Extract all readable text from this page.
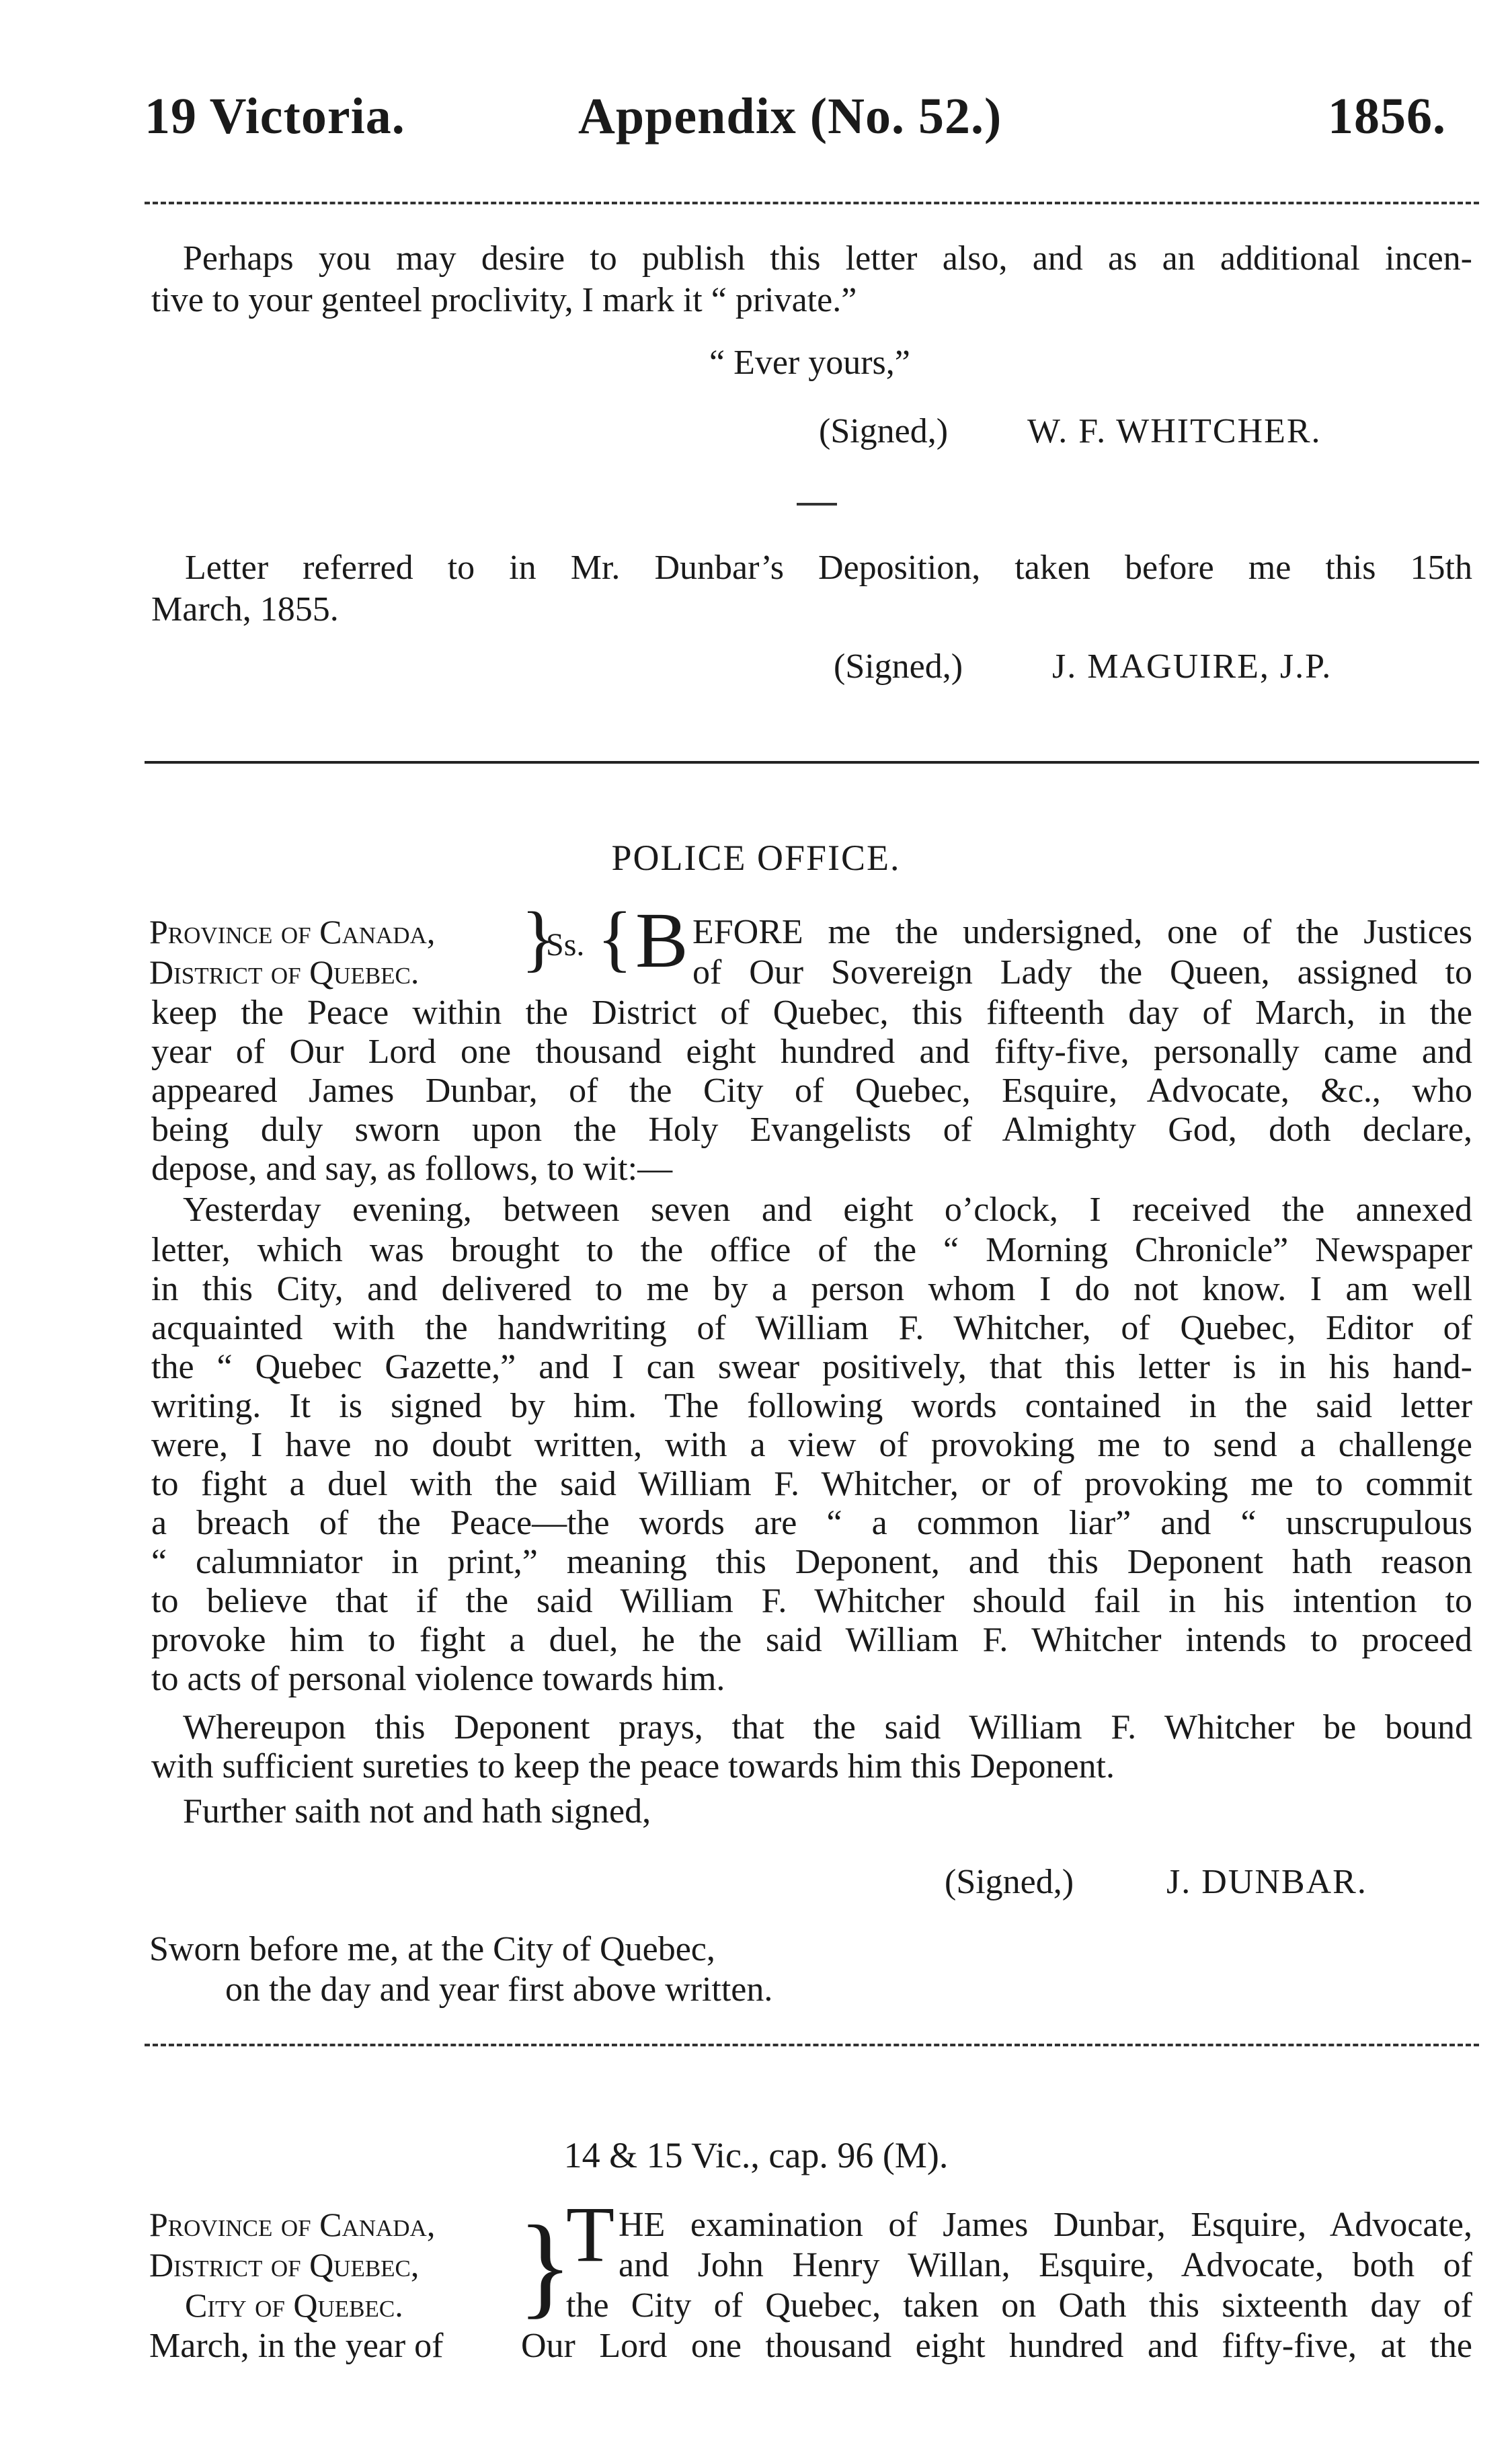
19 Victoria.	Appendix (No. 52.)	1856.
Perhaps you may desire to publish this letter also, and as an additional incen-
tive to your genteel proclivity, I mark it “ private.”
“ Ever yours,”
(Signed,) W. F. WHITCHER.
Letter referred to in Mr. Dunbar’s Deposition, taken before me this 15th
March, 1855.
(Signed,)	J. MAGUIRE, J.P.
POLICE OFFICE.
Province of Canada,
District of Quebec. }
Ss. { B EFORE me the undersigned, one of the Justices
of Our Sovereign Lady the Queen, assigned to
keep the Peace within the District of Quebec, this fifteenth day of March, in the
year of Our Lord one thousand eight hundred and fifty-five, personally came and
appeared James Dunbar, of the City of Quebec, Esquire, Advocate, &c., who
being duly sworn upon the Holy Evangelists of Almighty God, doth declare,
depose, and say, as follows, to wit:—
Yesterday evening, between seven and eight o’clock, I received the annexed
letter, which was brought to the office of the “ Morning Chronicle” Newspaper
in this City, and delivered to me by a person whom I do not know. I am well
acquainted with the handwriting of William F. Whitcher, of Quebec, Editor of
the “ Quebec Gazette,” and I can swear positively, that this letter is in his hand-
writing. It is signed by him. The following words contained in the said letter
were, I have no doubt written, with a view of provoking me to send a challenge
to fight a duel with the said William F. Whitcher, or of provoking me to commit
a breach of the Peace—the words are “ a common liar” and “ unscrupulous
“ calumniator in print,” meaning this Deponent, and this Deponent hath reason
to believe that if the said William F. Whitcher should fail in his intention to
provoke him to fight a duel, he the said William F. Whitcher intends to proceed
to acts of personal violence towards him.
Whereupon this Deponent prays, that the said William F. Whitcher be bound
with sufficient sureties to keep the peace towards him this Deponent.
Further saith not and hath signed,
(Signed,)	J. DUNBAR.
Sworn before me, at the City of Quebec,
on the day and year first above written.
14 & 15 Vic., cap. 96 (M).
Province of Canada,
District of Quebec,
City of Quebec. }
T HE examination of James Dunbar, Esquire, Advocate,
and John Henry Willan, Esquire, Advocate, both of
the City of Quebec, taken on Oath this sixteenth day of
March, in the year of Our Lord one thousand eight hundred and fifty-five, at the
